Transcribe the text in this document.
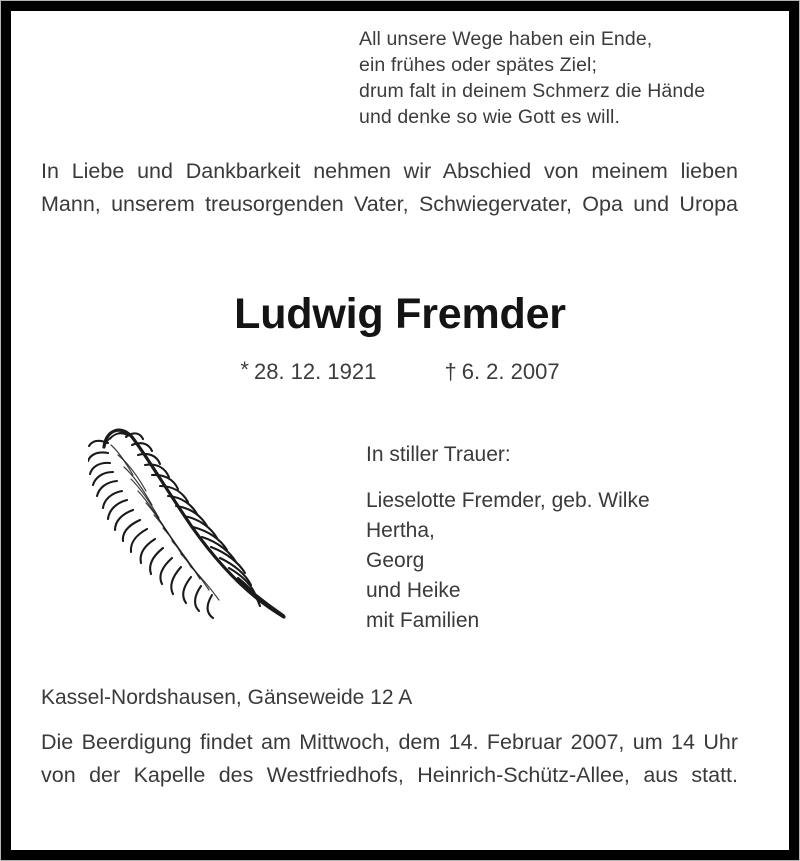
All unsere Wege haben ein Ende,
ein frühes oder spätes Ziel;
drum falt in deinem Schmerz die Hände
und denke so wie Gott es will.

In Liebe und Dankbarkeit nehmen wir Abschied von meinem lieben Mann, unserem treusorgenden Vater, Schwiegervater, Opa und Uropa

Ludwig Fremder
* 28. 12. 1921	† 6. 2. 2007
In stiller Trauer:
Lieselotte Fremder, geb. Wilke
Hertha,
Georg
und Heike
mit Familien
Kassel-Nordshausen, Gänseweide 12 A

Die Beerdigung findet am Mittwoch, dem 14. Februar 2007, um 14 Uhr von der Kapelle des Westfriedhofs, Heinrich-Schütz-Allee, aus statt.
